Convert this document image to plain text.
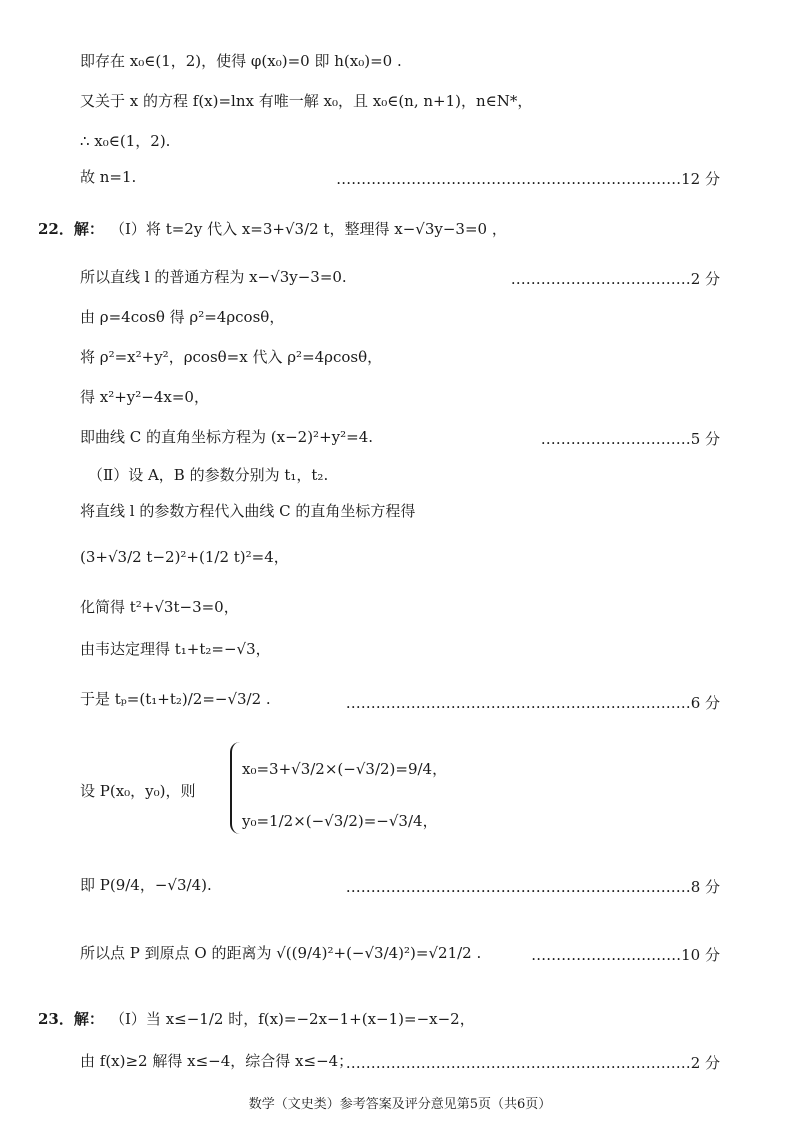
即存在 x₀∈(1，2)，使得 φ(x₀)=0 即 h(x₀)=0 .
又关于 x 的方程 f(x)=lnx 有唯一解 x₀，且 x₀∈(n, n+1)，n∈N*，
∴ x₀∈(1，2).
故 n=1.	……………………………………………………………12 分
22．解： （Ⅰ）将 t=2y 代入 x=3+√3/2 t，整理得 x−√3y−3=0 ，
所以直线 l 的普通方程为 x−√3y−3=0.	………………………………2 分
由 ρ=4cosθ 得 ρ²=4ρcosθ，
将 ρ²=x²+y²，ρcosθ=x 代入 ρ²=4ρcosθ，
得 x²+y²−4x=0，
即曲线 C 的直角坐标方程为 (x−2)²+y²=4.	…………………………5 分
（Ⅱ）设 A，B 的参数分别为 t₁，t₂.
将直线 l 的参数方程代入曲线 C 的直角坐标方程得
(3+√3/2 t−2)²+(1/2 t)²=4，
化简得 t²+√3t−3=0，
由韦达定理得 t₁+t₂=−√3，
于是 tₚ=(t₁+t₂)/2=−√3/2 .	……………………………………………………………6 分
设 P(x₀，y₀)，则
x₀=3+√3/2×(−√3/2)=9/4，
y₀=1/2×(−√3/2)=−√3/4，
即 P(9/4，−√3/4).	……………………………………………………………8 分
所以点 P 到原点 O 的距离为 √((9/4)²+(−√3/4)²)=√21/2 .	…………………………10 分
23．解： （Ⅰ）当 x≤−1/2 时，f(x)=−2x−1+(x−1)=−x−2，
由 f(x)≥2 解得 x≤−4，综合得 x≤−4；
……………………………………………………………2 分
数学（文史类）参考答案及评分意见第5页（共6页）
